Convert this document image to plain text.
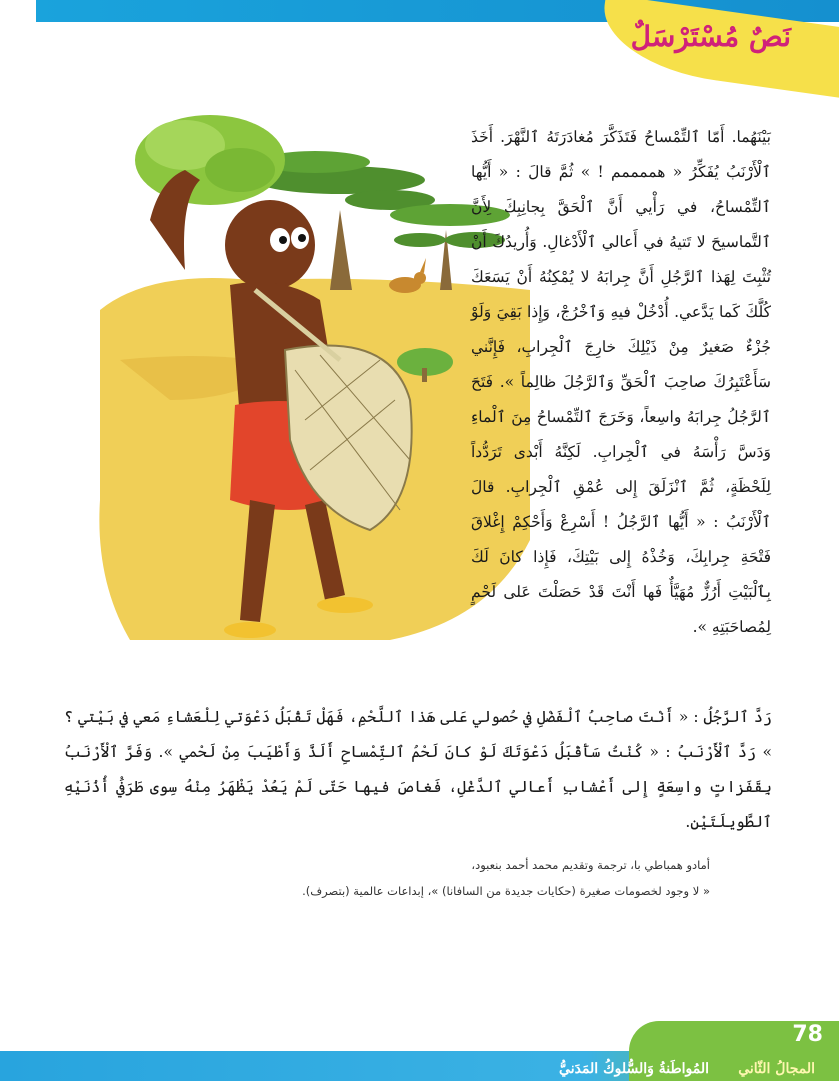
نَصٌ مُسْتَرْسَلٌ

بَيْنَهُما. أَمّا ٱلتِّمْساحُ فَتَذَكَّرَ مُغادَرَتَهُ ٱلنَّهْرَ. أَخَذَ ٱلْأَرْنَبُ يُفَكِّرُ « هممممم ! » ثُمَّ قالَ : « أَيُّها ٱلتِّمْساحُ، في رَأْيي أَنَّ ٱلْحَقَّ بِجانِبِكَ لِأَنَّ ٱلتَّماسيحَ لا تَتيهُ في أَعالي ٱلْأَدْغالِ. وَأُريدُكَ أَنْ تُثْبِتَ لِهَذا ٱلرَّجُلِ أَنَّ جِرابَهُ لا يُمْكِنُهُ أَنْ يَسَعَكَ كُلَّكَ كَما يَدَّعي. أُدْخُلْ فيهِ وَٱخْرُجْ، وَإِذا بَقِيَ وَلَوْ جُزْءٌ صَغيرٌ مِنْ ذَيْلِكَ خارِجَ ٱلْجِرابِ، فَإِنَّني سَأَعْتَبِرُكَ صاحِبَ ٱلْحَقِّ وَٱلرَّجُلَ ظالِماً ». فَتَحَ ٱلرَّجُلُ جِرابَهُ واسِعاً، وَخَرَجَ ٱلتِّمْساحُ مِنَ ٱلْماءِ وَدَسَّ رَأْسَهُ في ٱلْجِرابِ. لَكِنَّهُ أَبْدى تَرَدُّداً لِلَحْظَةٍ، ثُمَّ ٱنْزَلَقَ إِلى عُمْقِ ٱلْجِرابِ. قالَ ٱلْأَرْنَبُ : « أَيُّها ٱلرَّجُلُ ! أَسْرِعْ وَأَحْكِمْ إِغْلاقَ فَتْحَةِ جِرابِكَ، وَخُذْهُ إِلى بَيْتِكَ، فَإِذا كانَ لَكَ بِٱلْبَيْتِ أَرُزٌّ مُهَيَّأٌ فَها أَنْتَ قَدْ حَصَلْتَ عَلى لَحْمٍ لِمُصاحَبَتِهِ ».

رَدَّ ٱلرَّجُلُ : « أَنْتَ صاحِبُ ٱلْفَضْلِ في حُصولي عَلى هَذا ٱللَّحْمِ، فَهَلْ تَقْبَلُ دَعْوَتي لِلْعَشاءِ مَعي في بَيْتي ؟ » رَدَّ ٱلْأَرْنَبُ : « كُنْتُ سَأَقْبَلُ دَعْوَتَكَ لَوْ كانَ لَحْمُ ٱلتِّمْساحِ أَلَذَّ وَأَطْيَبَ مِنْ لَحْمي ». وَفَرَّ ٱلْأَرْنَبُ بِقَفَزاتٍ واسِعَةٍ إِلى أَعْشابِ أَعالي ٱلدَّغْلِ، فَغاصَ فيها حَتّى لَمْ يَعُدْ يَظْهَرُ مِنْهُ سِوى طَرَفَيْ أُذُنَيْهِ ٱلطَّويلَتَيْنِ.

أمادو همباطي با، ترجمة وتقديم محمد أحمد بنعبود،

« لا وجود لخصومات صغيرة (حكايات جديدة من السافانا) »، إبداعات عالمية (بتصرف).

78
المجالُ الثّاني
المُواطَنةُ وَالسُّلوكُ المَدَنيُّ
